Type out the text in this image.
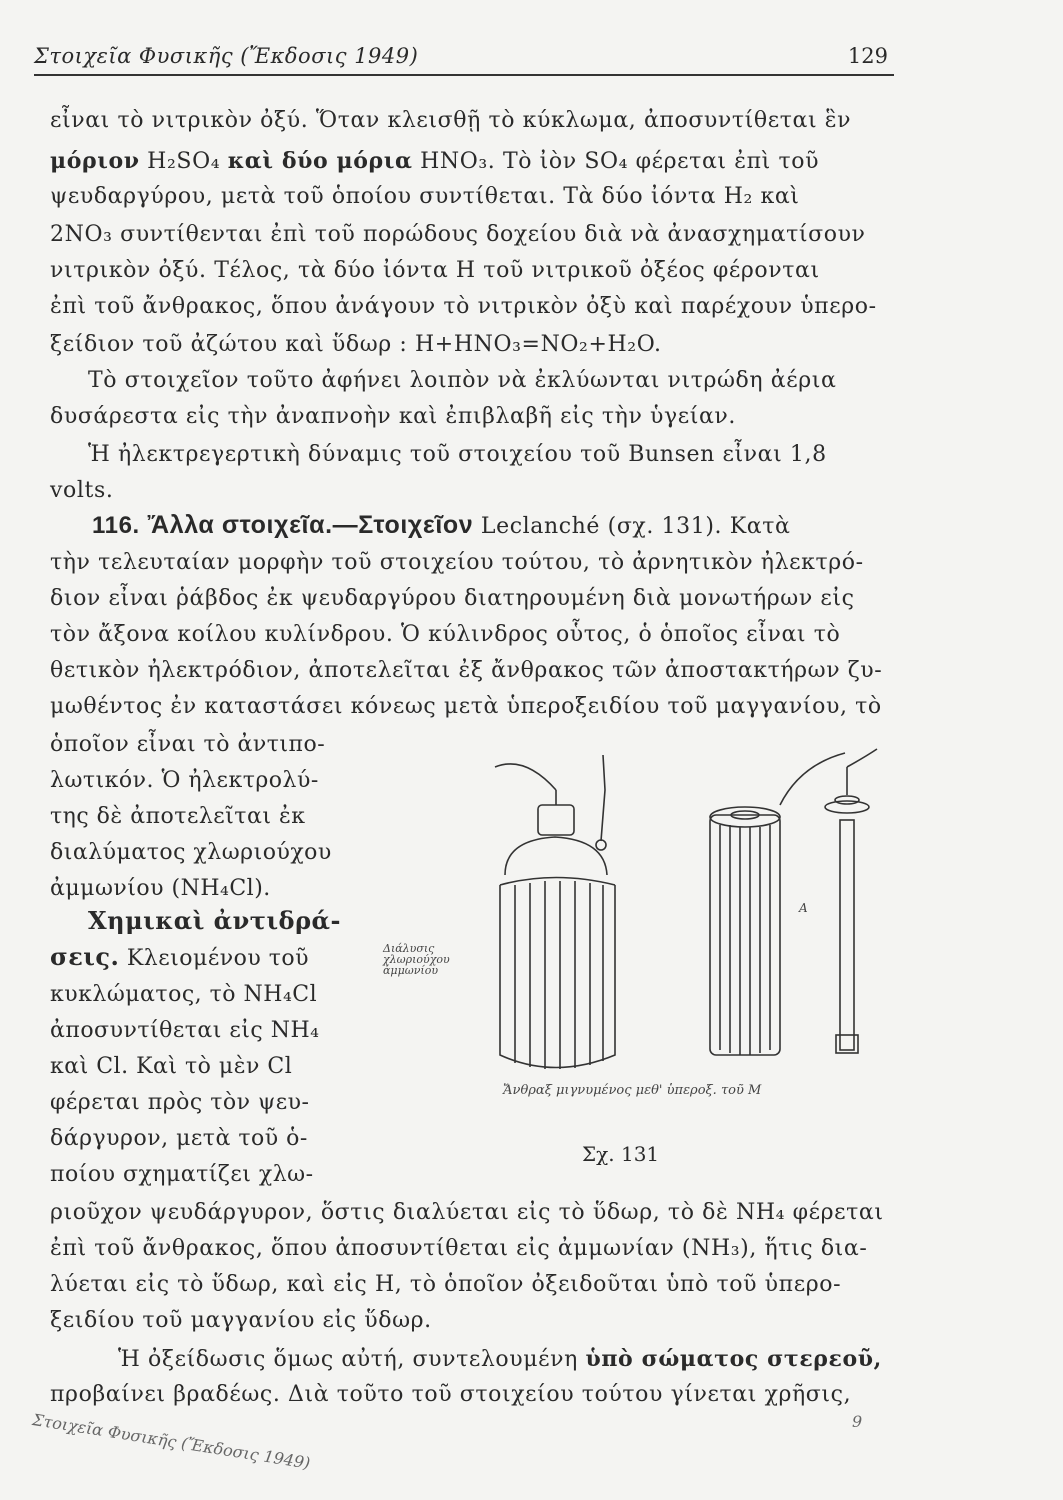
Στοιχεῖα Φυσικῆς (Ἔκδοσις 1949)	129
εἶναι τὸ νιτρικὸν ὀξύ. Ὅταν κλεισθῇ τὸ κύκλωμα, ἀποσυντίθεται ἓν
μόριον H₂SO₄ καὶ δύο μόρια HNO₃. Τὸ ἰὸν SO₄ φέρεται ἐπὶ τοῦ
ψευδαργύρου, μετὰ τοῦ ὁποίου συντίθεται. Τὰ δύο ἰόντα H₂ καὶ
2NO₃ συντίθενται ἐπὶ τοῦ πορώδους δοχείου διὰ νὰ ἀνασχηματίσουν
νιτρικὸν ὀξύ. Τέλος, τὰ δύο ἰόντα H τοῦ νιτρικοῦ ὀξέος φέρονται
ἐπὶ τοῦ ἄνθρακος, ὅπου ἀνάγουν τὸ νιτρικὸν ὀξὺ καὶ παρέχουν ὑπερο-
ξείδιον τοῦ ἀζώτου καὶ ὕδωρ : H+HNO₃=NO₂+H₂O.
Τὸ στοιχεῖον τοῦτο ἀφήνει λοιπὸν νὰ ἐκλύωνται νιτρώδη ἀέρια
δυσάρεστα εἰς τὴν ἀναπνοὴν καὶ ἐπιβλαβῆ εἰς τὴν ὑγείαν.
Ἡ ἠλεκτρεγερτικὴ δύναμις τοῦ στοιχείου τοῦ Bunsen εἶναι 1,8
volts.
116. Ἄλλα στοιχεῖα.—Στοιχεῖον Leclanché (σχ. 131). Κατὰ
τὴν τελευταίαν μορφὴν τοῦ στοιχείου τούτου, τὸ ἀρνητικὸν ἠλεκτρό-
διον εἶναι ῥάβδος ἐκ ψευδαργύρου διατηρουμένη διὰ μονωτήρων εἰς
τὸν ἄξονα κοίλου κυλίνδρου. Ὁ κύλινδρος οὗτος, ὁ ὁποῖος εἶναι τὸ
θετικὸν ἠλεκτρόδιον, ἀποτελεῖται ἐξ ἄνθρακος τῶν ἀποστακτήρων ζυ-
μωθέντος ἐν καταστάσει κόνεως μετὰ ὑπεροξειδίου τοῦ μαγγανίου, τὸ
ὁποῖον εἶναι τὸ ἀντιπο-
λωτικόν. Ὁ ἠλεκτρολύ-
της δὲ ἀποτελεῖται ἐκ
διαλύματος χλωριούχου
ἀμμωνίου (NH₄Cl).
Χημικαὶ ἀντιδρά-
σεις. Κλειομένου τοῦ
κυκλώματος, τὸ NH₄Cl
ἀποσυντίθεται εἰς NH₄
καὶ Cl. Καὶ τὸ μὲν Cl
φέρεται πρὸς τὸν ψευ-
δάργυρον, μετὰ τοῦ ὁ-
ποίου σχηματίζει χλω-
Διάλυσις
χλωριούχου
ἀμμωνίου
A
Ἄνθραξ μιγνυμένος μεθ' ὑπεροξ. τοῦ M
Σχ. 131
ριοῦχον ψευδάργυρον, ὅστις διαλύεται εἰς τὸ ὕδωρ, τὸ δὲ NH₄ φέρεται
ἐπὶ τοῦ ἄνθρακος, ὅπου ἀποσυντίθεται εἰς ἀμμωνίαν (NH₃), ἥτις δια-
λύεται εἰς τὸ ὕδωρ, καὶ εἰς H, τὸ ὁποῖον ὀξειδοῦται ὑπὸ τοῦ ὑπερο-
ξειδίου τοῦ μαγγανίου εἰς ὕδωρ.
Ἡ ὀξείδωσις ὅμως αὐτή, συντελουμένη ὑπὸ σώματος στερεοῦ,
προβαίνει βραδέως. Διὰ τοῦτο τοῦ στοιχείου τούτου γίνεται χρῆσις,
Στοιχεῖα Φυσικῆς (Ἔκδοσις 1949)	9
